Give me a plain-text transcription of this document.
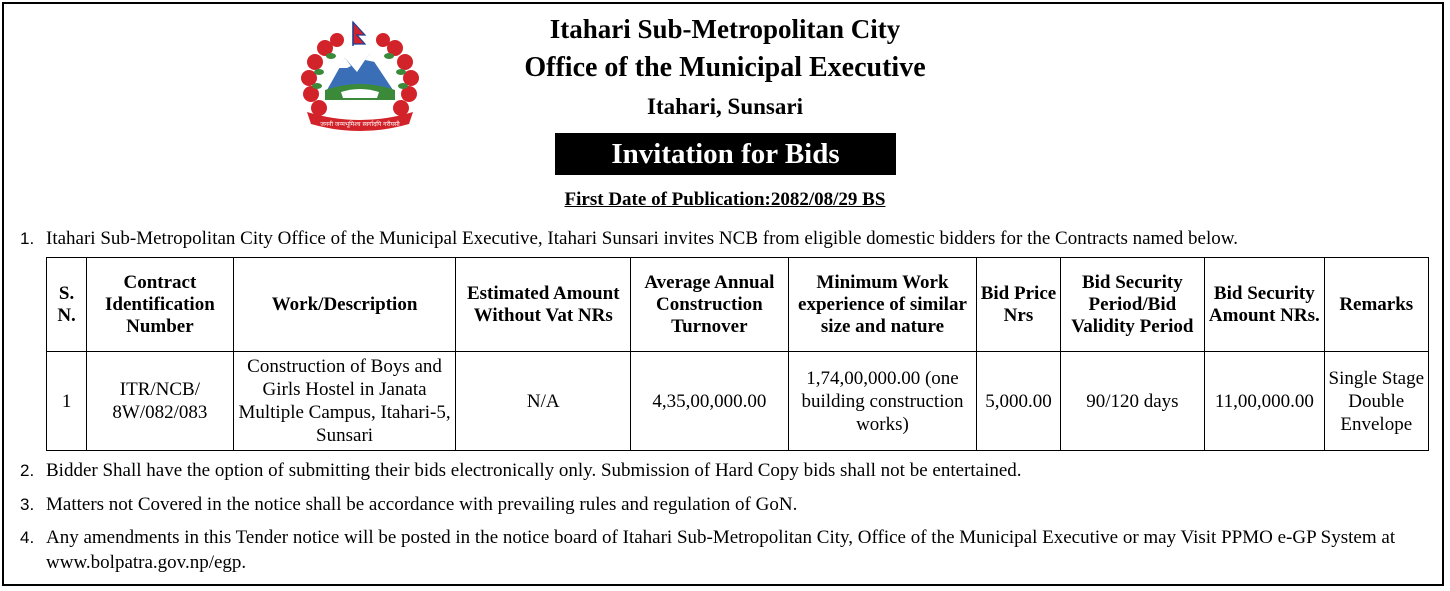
जननी जन्मभूमिश्च स्वर्गादपि गरीयसी
Itahari Sub-Metropolitan City
Office of the Municipal Executive
Itahari, Sunsari
Invitation for Bids
First Date of Publication:2082/08/29 BS
1. Itahari Sub-Metropolitan City Office of the Municipal Executive, Itahari Sunsari invites NCB from eligible domestic bidders for the Contracts named below.
S. N.	Contract Identification Number	Work/Description	Estimated Amount Without Vat NRs	Average Annual Construction Turnover	Minimum Work experience of similar size and nature	Bid Price Nrs	Bid Security Period/Bid Validity Period	Bid Security Amount NRs.	Remarks
1	ITR/NCB/ 8W/082/083	Construction of Boys and Girls Hostel in Janata Multiple Campus, Itahari-5, Sunsari	N/A	4,35,00,000.00	1,74,00,000.00 (one building construction works)	5,000.00	90/120 days	11,00,000.00	Single Stage Double Envelope
2. Bidder Shall have the option of submitting their bids electronically only. Submission of Hard Copy bids shall not be entertained.
3. Matters not Covered in the notice shall be accordance with prevailing rules and regulation of GoN.
4. Any amendments in this Tender notice will be posted in the notice board of Itahari Sub-Metropolitan City, Office of the Municipal Executive or may Visit PPMO e-GP System at www.bolpatra.gov.np/egp.
